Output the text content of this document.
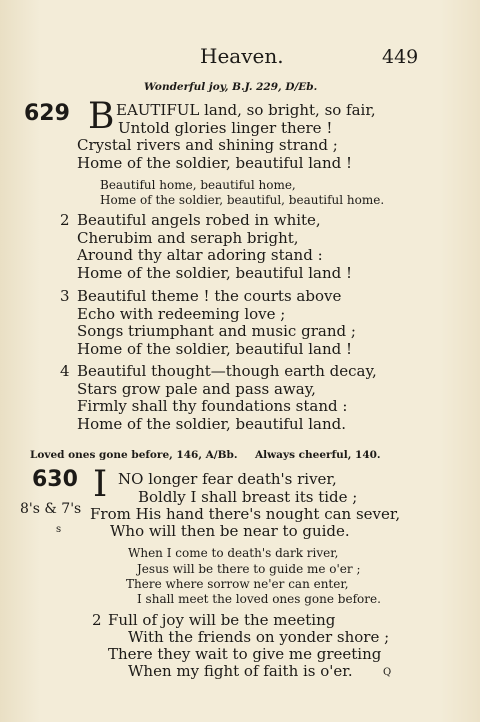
Heaven.	449
Wonderful joy, B.J. 229, D/Eb.
629 B EAUTIFUL land, so bright, so fair,
Untold glories linger there !
Crystal rivers and shining strand ;
Home of the soldier, beautiful land !
Beautiful home, beautiful home,
Home of the soldier, beautiful, beautiful home.
2 Beautiful angels robed in white,
Cherubim and seraph bright,
Around thy altar adoring stand :
Home of the soldier, beautiful land !
3 Beautiful theme ! the courts above
Echo with redeeming love ;
Songs triumphant and music grand ;
Home of the soldier, beautiful land !
4 Beautiful thought—though earth decay,
Stars grow pale and pass away,
Firmly shall thy foundations stand :
Home of the soldier, beautiful land.
Loved ones gone before, 146, A/Bb. Always cheerful, 140.
630 I NO longer fear death's river,
Boldly I shall breast its tide ;
8's & 7's From His hand there's nought can sever,
s	Who will then be near to guide.
When I come to death's dark river,
Jesus will be there to guide me o'er ;
There where sorrow ne'er can enter,
I shall meet the loved ones gone before.
2 Full of joy will be the meeting
With the friends on yonder shore ;
There they wait to give me greeting
When my fight of faith is o'er.	Q
